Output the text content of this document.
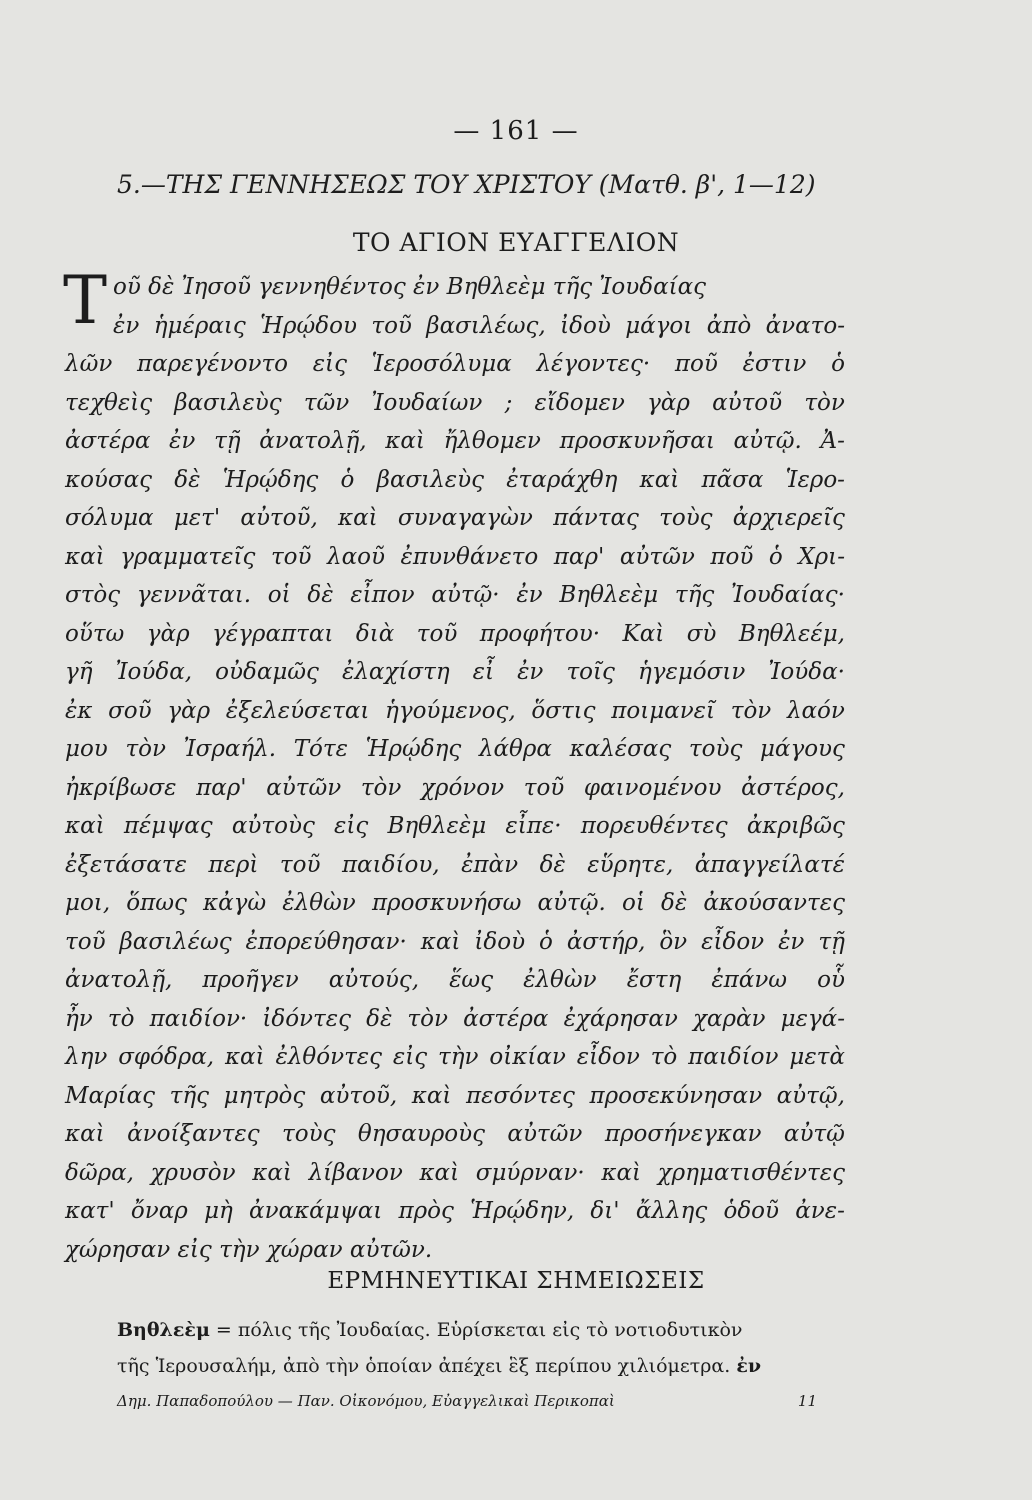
— 161 —
5.—ΤΗΣ ΓΕΝΝΗΣΕΩΣ ΤΟΥ ΧΡΙΣΤΟΥ (Ματθ. β', 1—12)
ΤΟ ΑΓΙΟΝ ΕΥΑΓΓΕΛΙΟΝ
Τ οῦ δὲ Ἰησοῦ γεννηθέντος ἐν Βηθλεὲμ τῆς Ἰουδαίας
ἐν ἡμέραις Ἡρῴδου τοῦ βασιλέως, ἰδοὺ μάγοι ἀπὸ ἀνατο-
λῶν παρεγένοντο εἰς Ἱεροσόλυμα λέγοντες· ποῦ ἐστιν ὁ
τεχθεὶς βασιλεὺς τῶν Ἰουδαίων ; εἴδομεν γὰρ αὐτοῦ τὸν
ἀστέρα ἐν τῇ ἀνατολῇ, καὶ ἤλθομεν προσκυνῆσαι αὐτῷ. Ἀ-
κούσας δὲ Ἡρῴδης ὁ βασιλεὺς ἐταράχθη καὶ πᾶσα Ἱερο-
σόλυμα μετ' αὐτοῦ, καὶ συναγαγὼν πάντας τοὺς ἀρχιερεῖς
καὶ γραμματεῖς τοῦ λαοῦ ἐπυνθάνετο παρ' αὐτῶν ποῦ ὁ Χρι-
στὸς γεννᾶται. οἱ δὲ εἶπον αὐτῷ· ἐν Βηθλεὲμ τῆς Ἰουδαίας·
οὕτω γὰρ γέγραπται διὰ τοῦ προφήτου· Καὶ σὺ Βηθλεέμ,
γῆ Ἰούδα, οὐδαμῶς ἐλαχίστη εἶ ἐν τοῖς ἡγεμόσιν Ἰούδα·
ἐκ σοῦ γὰρ ἐξελεύσεται ἡγούμενος, ὅστις ποιμανεῖ τὸν λαόν
μου τὸν Ἰσραήλ. Τότε Ἡρῴδης λάθρα καλέσας τοὺς μάγους
ἠκρίβωσε παρ' αὐτῶν τὸν χρόνον τοῦ φαινομένου ἀστέρος,
καὶ πέμψας αὐτοὺς εἰς Βηθλεὲμ εἶπε· πορευθέντες ἀκριβῶς
ἐξετάσατε περὶ τοῦ παιδίου, ἐπὰν δὲ εὕρητε, ἀπαγγείλατέ
μοι, ὅπως κἀγὼ ἐλθὼν προσκυνήσω αὐτῷ. οἱ δὲ ἀκούσαντες
τοῦ βασιλέως ἐπορεύθησαν· καὶ ἰδοὺ ὁ ἀστήρ, ὃν εἶδον ἐν τῇ
ἀνατολῇ, προῆγεν αὐτούς, ἕως ἐλθὼν ἔστη ἐπάνω οὗ
ἦν τὸ παιδίον· ἰδόντες δὲ τὸν ἀστέρα ἐχάρησαν χαρὰν μεγά-
λην σφόδρα, καὶ ἐλθόντες εἰς τὴν οἰκίαν εἶδον τὸ παιδίον μετὰ
Μαρίας τῆς μητρὸς αὐτοῦ, καὶ πεσόντες προσεκύνησαν αὐτῷ,
καὶ ἀνοίξαντες τοὺς θησαυροὺς αὐτῶν προσήνεγκαν αὐτῷ
δῶρα, χρυσὸν καὶ λίβανον καὶ σμύρναν· καὶ χρηματισθέντες
κατ' ὄναρ μὴ ἀνακάμψαι πρὸς Ἡρῴδην, δι' ἄλλης ὁδοῦ ἀνε-
χώρησαν εἰς τὴν χώραν αὐτῶν.
ΕΡΜΗΝΕΥΤΙΚΑΙ ΣΗΜΕΙΩΣΕΙΣ
Βηθλεὲμ = πόλις τῆς Ἰουδαίας. Εὑρίσκεται εἰς τὸ νοτιοδυτικὸν
τῆς Ἱερουσαλήμ, ἀπὸ τὴν ὁποίαν ἀπέχει ἓξ περίπου χιλιόμετρα. ἐν
Δημ. Παπαδοπούλου — Παν. Οἰκονόμου, Εὐαγγελικαὶ Περικοπαὶ	11
